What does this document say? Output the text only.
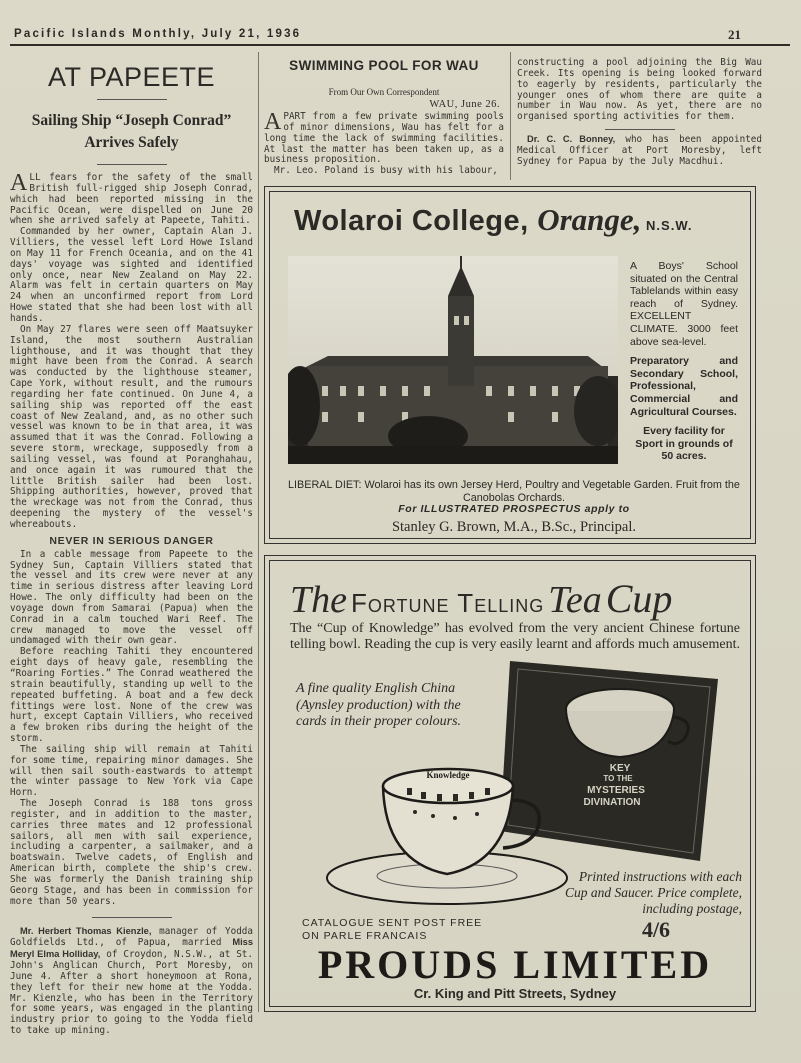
Pacific Islands Monthly, July 21, 1936	21
AT PAPEETE
Sailing Ship “Joseph Conrad”
Arrives Safely

ALL fears for the safety of the small British full-rigged ship Joseph Conrad, which had been reported missing in the Pacific Ocean, were dispelled on June 20 when she arrived safely at Papeete, Tahiti.

Commanded by her owner, Captain Alan J. Villiers, the vessel left Lord Howe Island on May 11 for French Oceania, and on the 41 days' voyage was sighted and identified only once, near New Zealand on May 22. Alarm was felt in certain quarters on May 24 when an unconfirmed report from Lord Howe stated that she had been lost with all hands.

On May 27 flares were seen off Maatsuyker Island, the most southern Australian lighthouse, and it was thought that they might have been from the Conrad. A search was conducted by the lighthouse steamer, Cape York, without result, and the rumours regarding her fate continued. On June 4, a sailing ship was reported off the east coast of New Zealand, and, as no other such vessel was known to be in that area, it was assumed that it was the Conrad. Following a severe storm, wreckage, supposedly from a sailing vessel, was found at Poranghahau, and once again it was rumoured that the little British sailer had been lost. Shipping authorities, however, proved that the wreckage was not from the Conrad, thus deepening the mystery of the vessel's whereabouts.

NEVER IN SERIOUS DANGER

In a cable message from Papeete to the Sydney Sun, Captain Villiers stated that the vessel and its crew were never at any time in serious distress after leaving Lord Howe. The only difficulty had been on the voyage down from Samarai (Papua) when the Conrad in a calm touched Wari Reef. The crew managed to move the vessel off undamaged with their own gear.

Before reaching Tahiti they encountered eight days of heavy gale, resembling the “Roaring Forties.” The Conrad weathered the strain beautifully, standing up well to the repeated buffeting. A boat and a few deck fittings were lost. None of the crew was hurt, except Captain Villiers, who received a few broken ribs during the height of the storm.

The sailing ship will remain at Tahiti for some time, repairing minor damages. She will then sail south-eastwards to attempt the winter passage to New York via Cape Horn.

The Joseph Conrad is 188 tons gross register, and in addition to the master, carries three mates and 12 professional sailors, all men with sail experience, including a carpenter, a sailmaker, and a boatswain. Twelve cadets, of English and American birth, complete the ship's crew. She was formerly the Danish training ship Georg Stage, and has been in commission for more than 50 years.

Mr. Herbert Thomas Kienzle, manager of Yodda Goldfields Ltd., of Papua, married Miss Meryl Elma Holliday, of Croydon, N.S.W., at St. John's Anglican Church, Port Moresby, on June 4. After a short honeymoon at Rona, they left for their new home at the Yodda. Mr. Kienzle, who has been in the Territory for some years, was engaged in the planting industry prior to going to the Yodda field to take up mining.

SWIMMING POOL FOR WAU
From Our Own Correspondent
WAU, June 26.

APART from a few private swimming pools of minor dimensions, Wau has felt for a long time the lack of swimming facilities. At last the matter has been taken up, as a business proposition.

Mr. Leo. Poland is busy with his labour,

constructing a pool adjoining the Big Wau Creek. Its opening is being looked forward to eagerly by residents, particularly the younger ones of whom there are quite a number in Wau now. As yet, there are no organised sporting activities for them.

Dr. C. C. Bonney, who has been appointed Medical Officer at Port Moresby, left Sydney for Papua by the July Macdhui.

Wolaroi College, Orange, N.S.W.
A Boys' School situated on the Central Tablelands within easy reach of Sydney. EXCELLENT CLIMATE. 3000 feet above sea-level.
Preparatory and Secondary School, Professional, Commercial and Agricultural Courses.
Every facility for Sport in grounds of 50 acres.
LIBERAL DIET: Wolaroi has its own Jersey Herd, Poultry and Vegetable Garden. Fruit from the Canobolas Orchards.
For ILLUSTRATED PROSPECTUS apply to
Stanley G. Brown, M.A., B.Sc., Principal.
The Fortune Telling Tea Cup
The “Cup of Knowledge” has evolved from the very ancient Chinese fortune telling bowl. Reading the cup is very easily learnt and affords much amusement.
KEY
TO THE
MYSTERIES
DIVINATION
A fine quality English China (Aynsley production) with the cards in their proper colours.
Knowledge
Printed instructions with each Cup and Saucer. Price complete, including postage,
4/6
CATALOGUE SENT POST FREE
ON PARLE FRANCAIS
PROUDS LIMITED
Cr. King and Pitt Streets, Sydney
